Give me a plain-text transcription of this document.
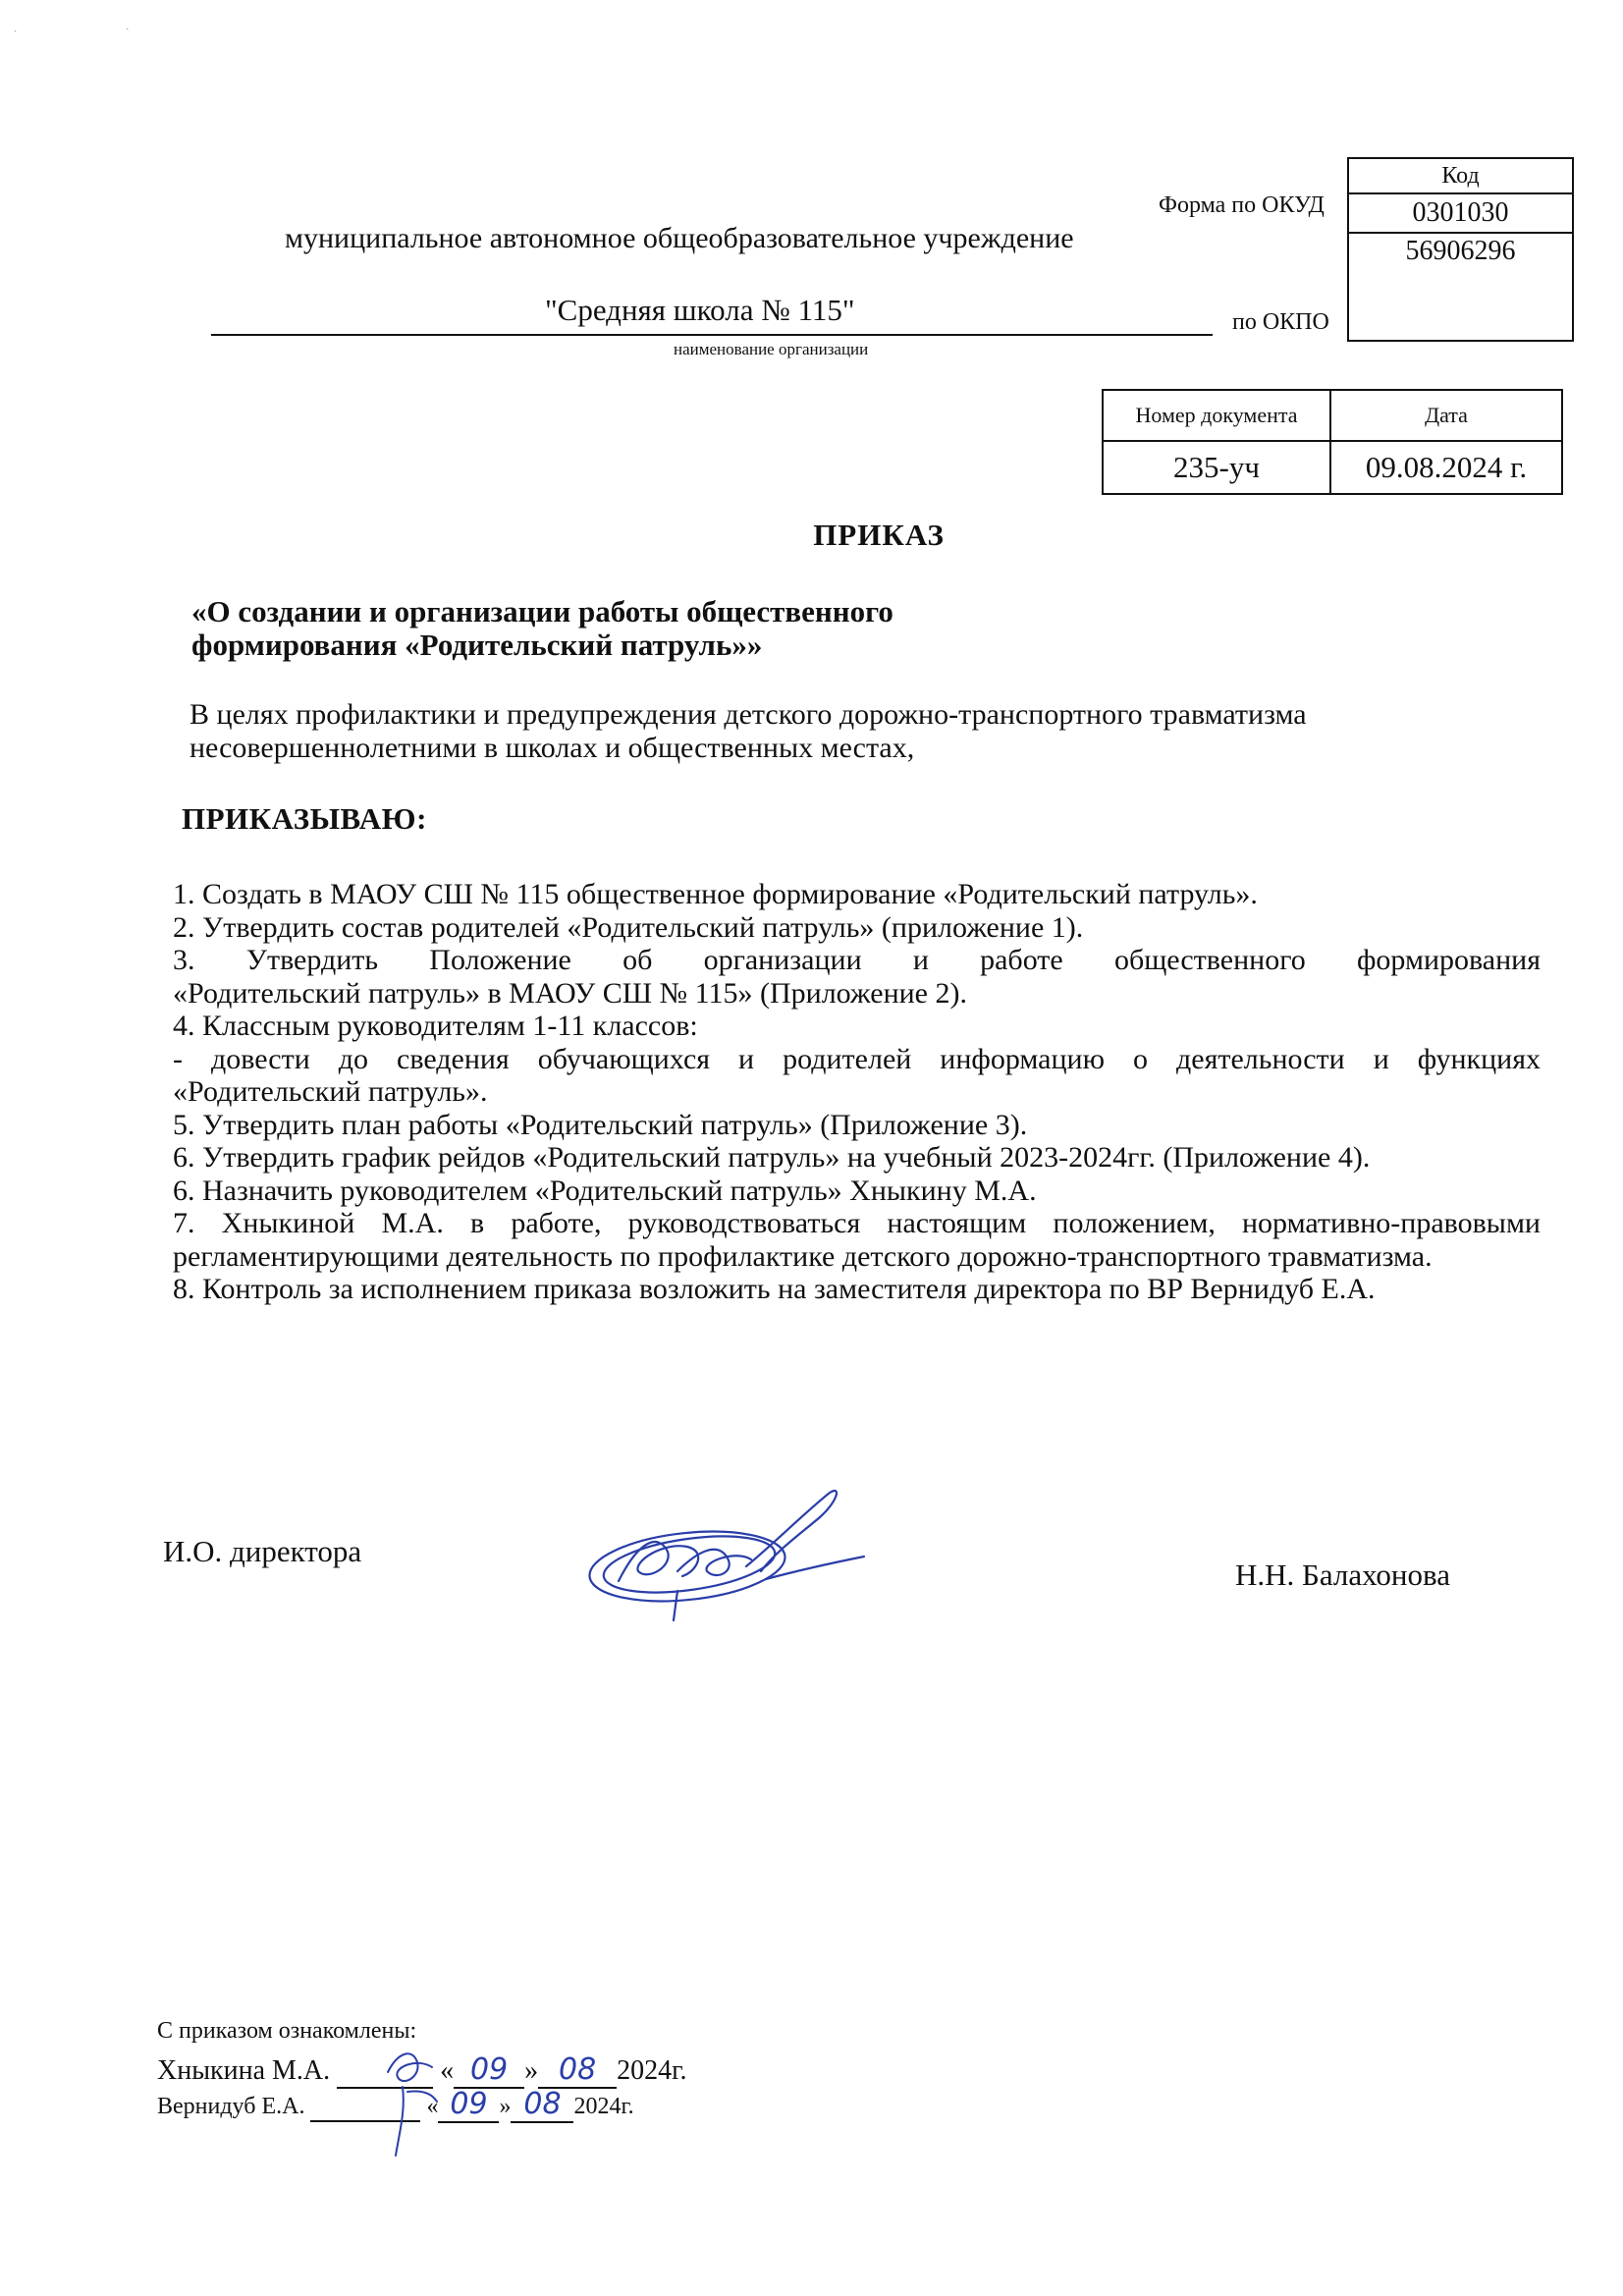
ˎ	ˎ
Форма по ОКУД
муниципальное автономное общеобразовательное учреждение
"Средняя школа № 115"	по ОКПО
наименование организации
Код
0301030
56906296
Номер документа	Дата
235-уч	09.08.2024 г.
ПРИКАЗ
«О создании и организации работы общественного
формирования «Родительский патруль»»
В целях профилактики и предупреждения детского дорожно-транспортного травматизма
несовершеннолетними в школах и общественных местах,
ПРИКАЗЫВАЮ:

1. Создать в МАОУ СШ № 115 общественное формирование «Родительский патруль».

2. Утвердить состав родителей «Родительский патруль» (приложение 1).

3. Утвердить Положение об организации и работе общественного формирования

«Родительский патруль» в МАОУ СШ № 115» (Приложение 2).

4. Классным руководителям 1-11 классов:

- довести до сведения обучающихся и родителей информацию о деятельности и функциях

«Родительский патруль».

5. Утвердить план работы «Родительский патруль» (Приложение 3).

6. Утвердить график рейдов «Родительский патруль» на учебный 2023-2024гг. (Приложение 4).

6. Назначить руководителем «Родительский патруль» Хныкину М.А.

7. Хныкиной М.А. в работе, руководствоваться настоящим положением, нормативно-правовыми

регламентирующими деятельность по профилактике детского дорожно-транспортного травматизма.

8. Контроль за исполнением приказа возложить на заместителя директора по ВР Вернидуб Е.А.

И.О. директора
Н.Н. Балахонова
С приказом ознакомлены:
Хныкина М.А.	« 09 » 08 2024г.
Вернидуб Е.А.	« 09 » 08 2024г.
